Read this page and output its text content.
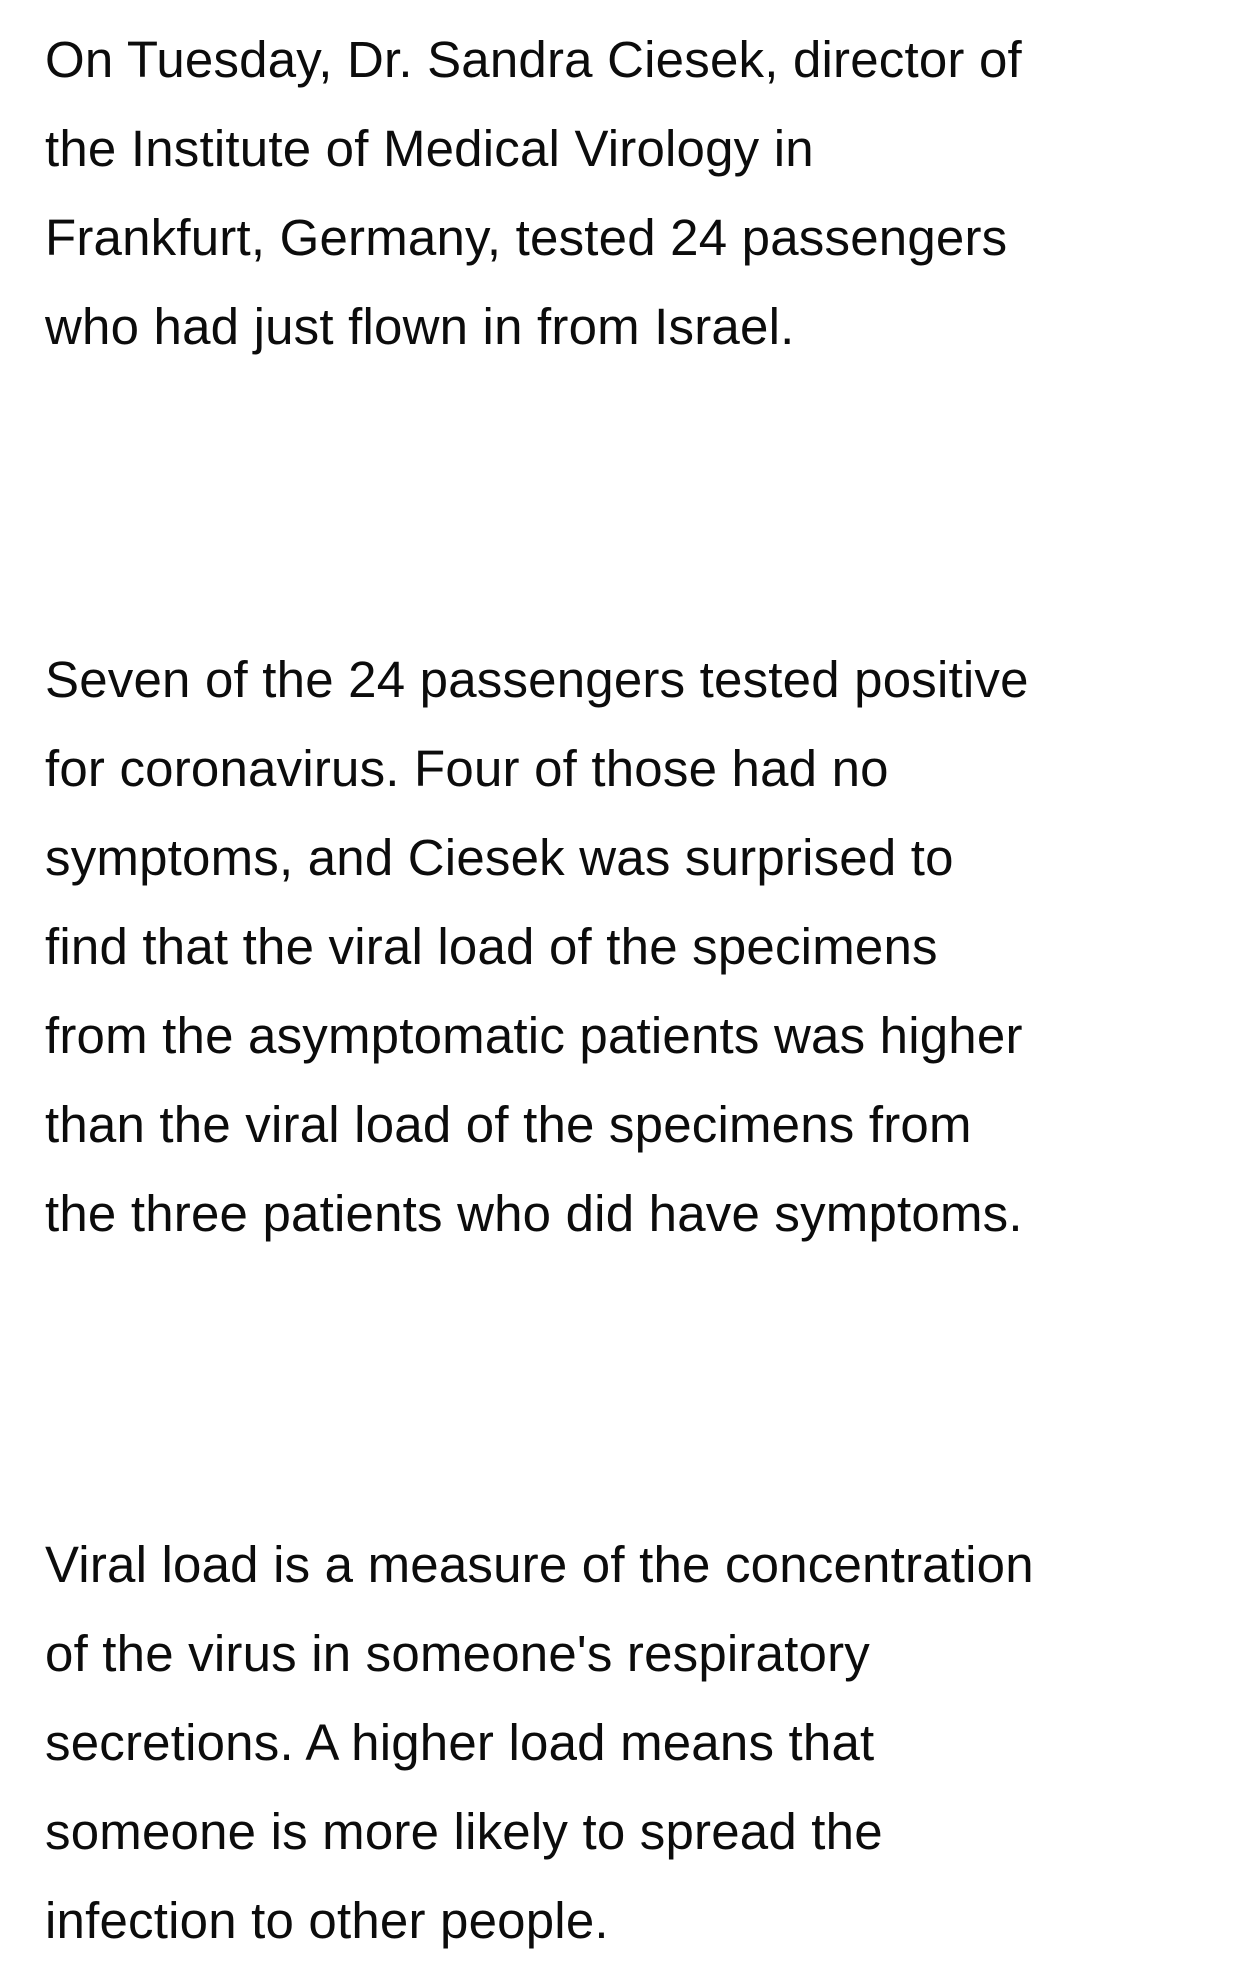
On Tuesday, Dr. Sandra Ciesek, director of
the Institute of Medical Virology in
Frankfurt, Germany, tested 24 passengers
who had just flown in from Israel.

Seven of the 24 passengers tested positive
for coronavirus. Four of those had no
symptoms, and Ciesek was surprised to
find that the viral load of the specimens
from the asymptomatic patients was higher
than the viral load of the specimens from
the three patients who did have symptoms.

Viral load is a measure of the concentration
of the virus in someone's respiratory
secretions. A higher load means that
someone is more likely to spread the
infection to other people.
